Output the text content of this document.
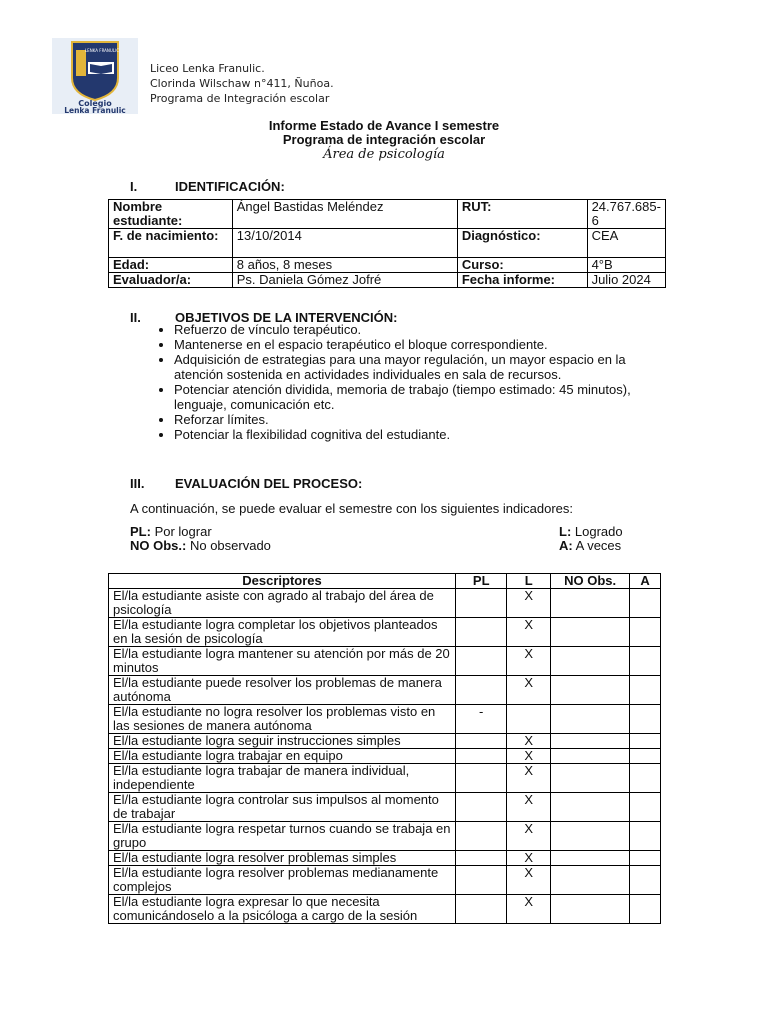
LENKA FRANULIC
Colegio
Lenka Franulic
Liceo Lenka Franulic.
Clorinda Wilschaw n°411, Ñuñoa.
Programa de Integración escolar
Informe Estado de Avance I semestre
Programa de integración escolar
Área de psicología
I.	IDENTIFICACIÓN:
Nombre estudiante:	Ángel Bastidas Meléndez	RUT:	24.767.685-6
F. de nacimiento:	13/10/2014	Diagnóstico:	CEA
Edad:	8 años, 8 meses	Curso:	4°B
Evaluador/a:	Ps. Daniela Gómez Jofré	Fecha informe:	Julio 2024
II.	OBJETIVOS DE LA INTERVENCIÓN:
• Refuerzo de vínculo terapéutico.
• Mantenerse en el espacio terapéutico el bloque correspondiente.
• Adquisición de estrategias para una mayor regulación, un mayor espacio en la atención sostenida en actividades individuales en sala de recursos.
• Potenciar atención dividida, memoria de trabajo (tiempo estimado: 45 minutos), lenguaje, comunicación etc.
• Reforzar límites.
• Potenciar la flexibilidad cognitiva del estudiante.
III. EVALUACIÓN DEL PROCESO:
A continuación, se puede evaluar el semestre con los siguientes indicadores:
PL: Por lograr	L: Logrado
NO Obs.: No observado	A: A veces
Descriptores	PL	L	NO Obs.	A
El/la estudiante asiste con agrado al trabajo del área de psicología		X		
El/la estudiante logra completar los objetivos planteados en la sesión de psicología		X		
El/la estudiante logra mantener su atención por más de 20 minutos		X		
El/la estudiante puede resolver los problemas de manera autónoma		X		
El/la estudiante no logra resolver los problemas visto en las sesiones de manera autónoma	-			
El/la estudiante logra seguir instrucciones simples		X		
El/la estudiante logra trabajar en equipo		X		
El/la estudiante logra trabajar de manera individual, independiente		X		
El/la estudiante logra controlar sus impulsos al momento de trabajar		X		
El/la estudiante logra respetar turnos cuando se trabaja en grupo		X		
El/la estudiante logra resolver problemas simples		X		
El/la estudiante logra resolver problemas medianamente complejos		X		
El/la estudiante logra expresar lo que necesita comunicándoselo a la psicóloga a cargo de la sesión		X		
